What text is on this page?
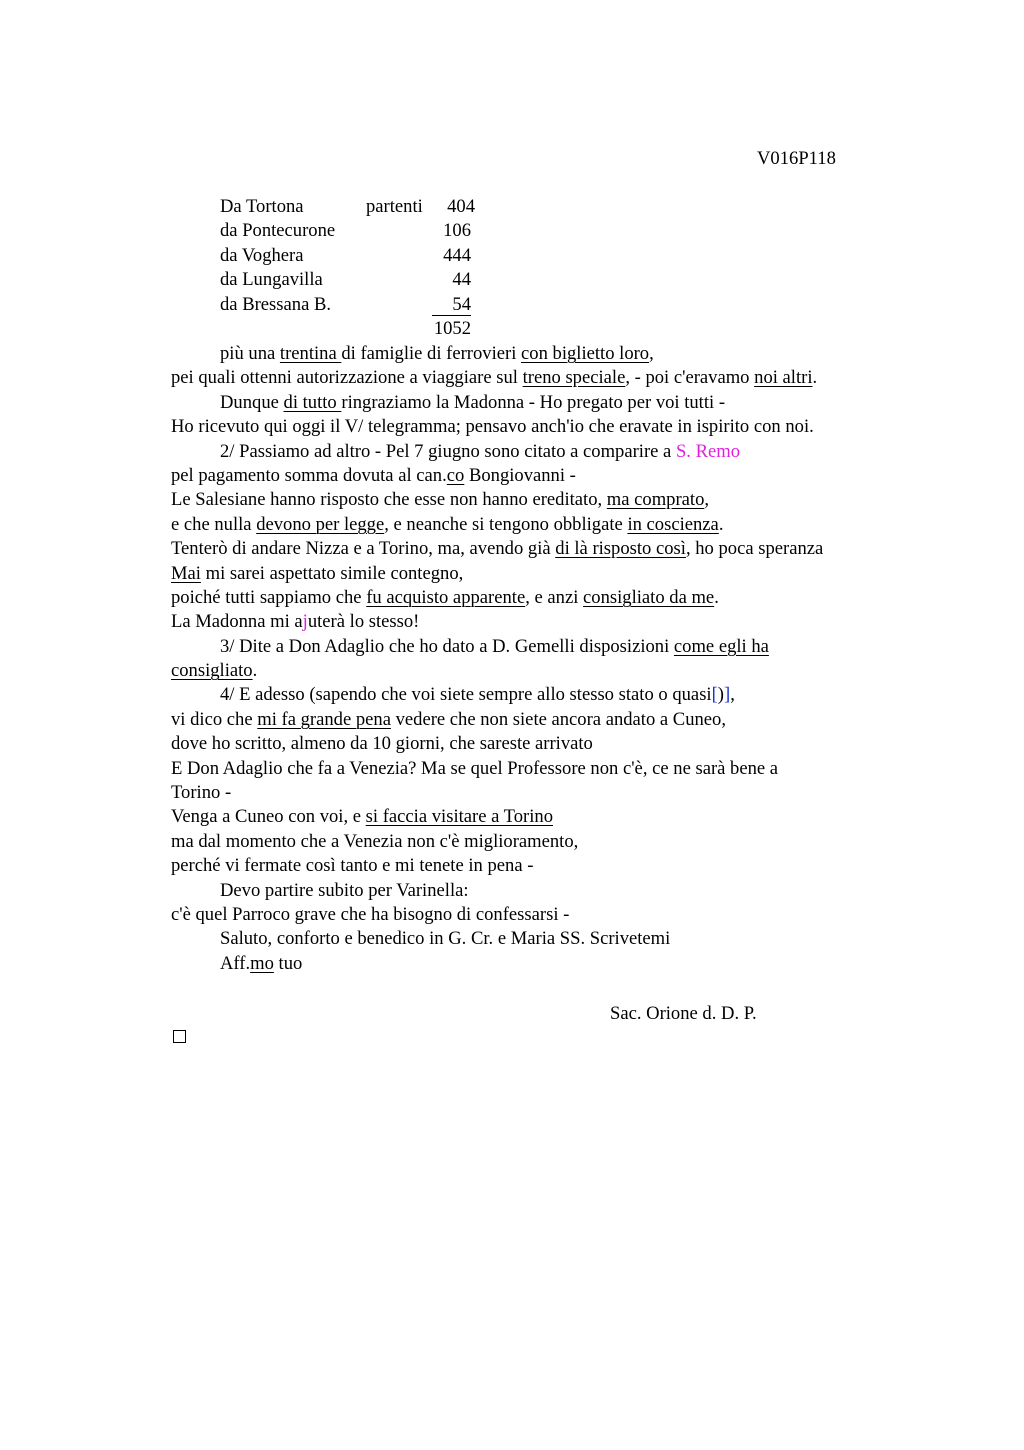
V016P118
Da Tortona	partenti 404
da Pontecurone	106
da Voghera	444
da Lungavilla	44
da Bressana B.	54
1052
più una trentina di famiglie di ferrovieri con biglietto loro,
pei quali ottenni autorizzazione a viaggiare sul treno speciale, - poi c'eravamo noi altri.
Dunque di tutto ringraziamo la Madonna - Ho pregato per voi tutti -
Ho ricevuto qui oggi il V/ telegramma; pensavo anch'io che eravate in ispirito con noi.
2/ Passiamo ad altro - Pel 7 giugno sono citato a comparire a S. Remo
pel pagamento somma dovuta al can.co Bongiovanni -
Le Salesiane hanno risposto che esse non hanno ereditato, ma comprato,
e che nulla devono per legge, e neanche si tengono obbligate in coscienza.
Tenterò di andare Nizza e a Torino, ma, avendo già di là risposto così, ho poca speranza
Mai mi sarei aspettato simile contegno,
poiché tutti sappiamo che fu acquisto apparente, e anzi consigliato da me.
La Madonna mi ajuterà lo stesso!
3/ Dite a Don Adaglio che ho dato a D. Gemelli disposizioni come egli ha
consigliato.
4/ E adesso (sapendo che voi siete sempre allo stesso stato o quasi[)],
vi dico che mi fa grande pena vedere che non siete ancora andato a Cuneo,
dove ho scritto, almeno da 10 giorni, che sareste arrivato
E Don Adaglio che fa a Venezia? Ma se quel Professore non c'è, ce ne sarà bene a
Torino -
Venga a Cuneo con voi, e si faccia visitare a Torino
ma dal momento che a Venezia non c'è miglioramento,
perché vi fermate così tanto e mi tenete in pena -
Devo partire subito per Varinella:
c'è quel Parroco grave che ha bisogno di confessarsi -
Saluto, conforto e benedico in G. Cr. e Maria SS. Scrivetemi
Aff.mo tuo
Sac. Orione d. D. P.
